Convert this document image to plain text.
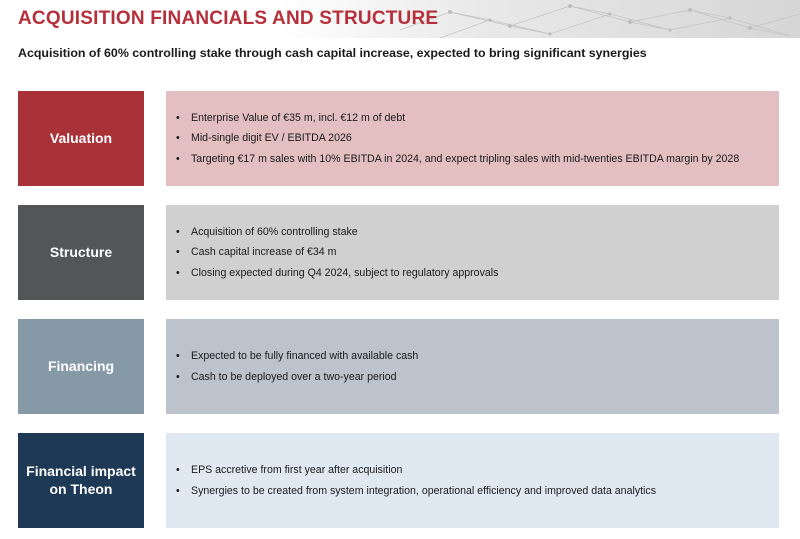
ACQUISITION FINANCIALS AND STRUCTURE
Acquisition of 60% controlling stake through cash capital increase, expected to bring significant synergies
Valuation
• Enterprise Value of €35 m, incl. €12 m of debt
• Mid-single digit EV / EBITDA 2026
• Targeting €17 m sales with 10% EBITDA in 2024, and expect tripling sales with mid-twenties EBITDA margin by 2028
Structure
• Acquisition of 60% controlling stake
• Cash capital increase of €34 m
• Closing expected during Q4 2024, subject to regulatory approvals
Financing
• Expected to be fully financed with available cash
• Cash to be deployed over a two-year period
Financial impact on Theon
• EPS accretive from first year after acquisition
• Synergies to be created from system integration, operational efficiency and improved data analytics
